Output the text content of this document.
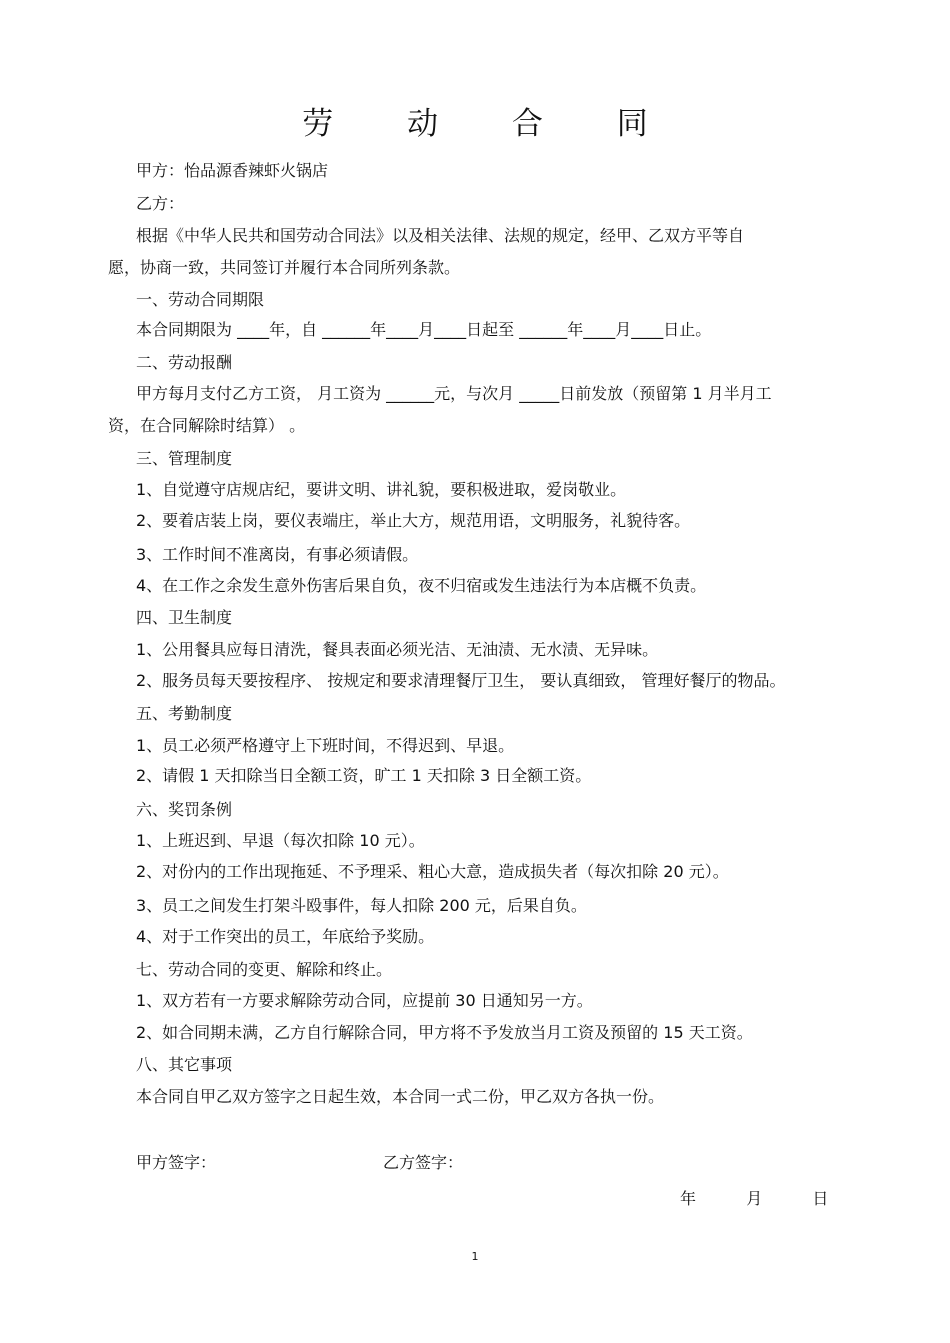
劳 动 合 同
甲方：怡品源香辣虾火锅店
乙方：
根据《中华人民共和国劳动合同法》以及相关法律、法规的规定，经甲、乙双方平等自
愿，协商一致，共同签订并履行本合同所列条款。
一、劳动合同期限
本合同期限为 ____年，自 ______年____月____日起至 ______年____月____日止。
二、劳动报酬
甲方每月支付乙方工资， 月工资为 ______元，与次月 _____日前发放（预留第 1 月半月工
资，在合同解除时结算） 。
三、管理制度
1、自觉遵守店规店纪，要讲文明、讲礼貌，要积极进取，爱岗敬业。
2、要着店装上岗，要仪表端庄，举止大方，规范用语，文明服务，礼貌待客。
3、工作时间不准离岗，有事必须请假。
4、在工作之余发生意外伤害后果自负，夜不归宿或发生违法行为本店概不负责。
四、卫生制度
1、公用餐具应每日清洗，餐具表面必须光洁、无油渍、无水渍、无异味。
2、服务员每天要按程序、 按规定和要求清理餐厅卫生， 要认真细致， 管理好餐厅的物品。
五、考勤制度
1、员工必须严格遵守上下班时间，不得迟到、早退。
2、请假 1 天扣除当日全额工资，旷工 1 天扣除 3 日全额工资。
六、奖罚条例
1、上班迟到、早退（每次扣除 10 元）。
2、对份内的工作出现拖延、不予理采、粗心大意，造成损失者（每次扣除 20 元）。
3、员工之间发生打架斗殴事件，每人扣除 200 元，后果自负。
4、对于工作突出的员工，年底给予奖励。
七、劳动合同的变更、解除和终止。
1、双方若有一方要求解除劳动合同，应提前 30 日通知另一方。
2、如合同期未满，乙方自行解除合同，甲方将不予发放当月工资及预留的 15 天工资。
八、其它事项
本合同自甲乙双方签字之日起生效，本合同一式二份，甲乙双方各执一份。
甲方签字：	乙方签字：
年	月	日
1
